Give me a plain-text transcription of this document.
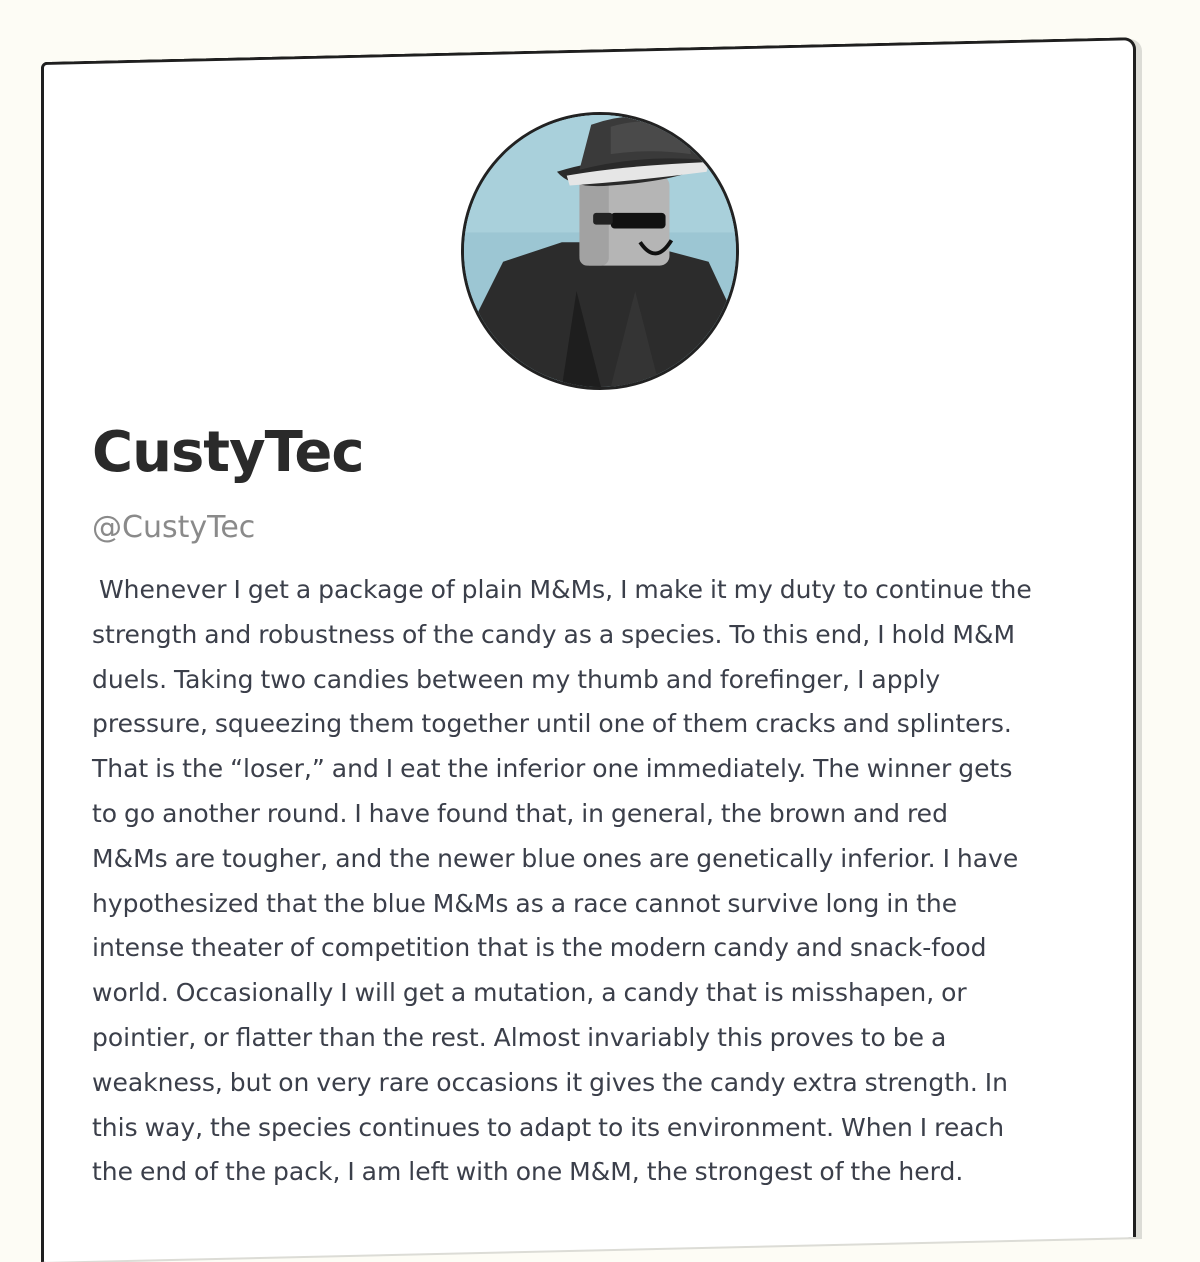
CustyTec
@CustyTec

Whenever I get a package of plain M&Ms, I make it my duty to continue the
strength and robustness of the candy as a species. To this end, I hold M&M
duels. Taking two candies between my thumb and forefinger, I apply
pressure, squeezing them together until one of them cracks and splinters.
That is the “loser,” and I eat the inferior one immediately. The winner gets
to go another round. I have found that, in general, the brown and red
M&Ms are tougher, and the newer blue ones are genetically inferior. I have
hypothesized that the blue M&Ms as a race cannot survive long in the
intense theater of competition that is the modern candy and snack-food
world. Occasionally I will get a mutation, a candy that is misshapen, or
pointier, or flatter than the rest. Almost invariably this proves to be a
weakness, but on very rare occasions it gives the candy extra strength. In
this way, the species continues to adapt to its environment. When I reach
the end of the pack, I am left with one M&M, the strongest of the herd.
